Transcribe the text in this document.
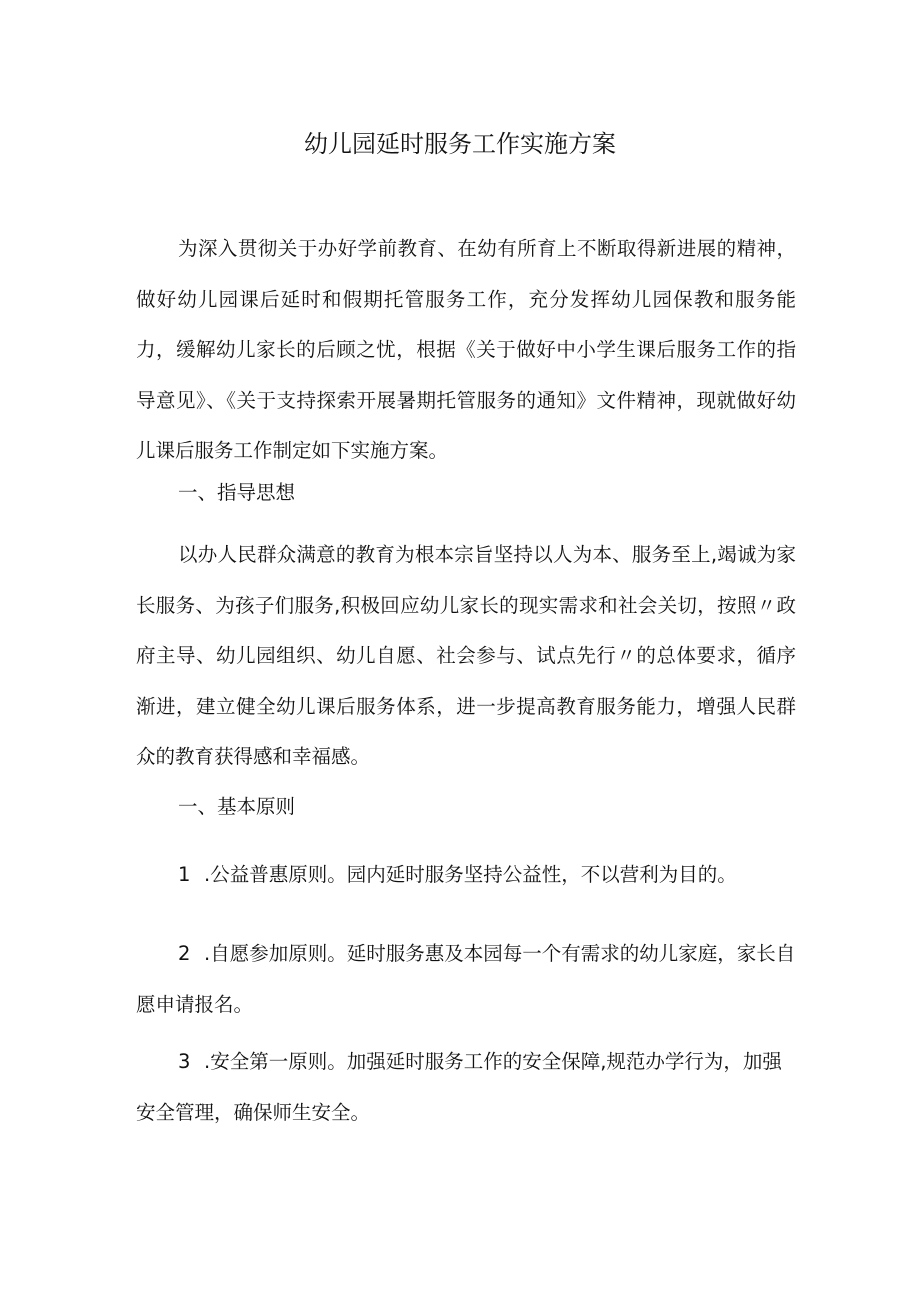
幼儿园延时服务工作实施方案

为深入贯彻关于办好学前教育、在幼有所育上不断取得新进展的精神，做好幼儿园课后延时和假期托管服务工作，充分发挥幼儿园保教和服务能力，缓解幼儿家长的后顾之忧，根据《关于做好中小学生课后服务工作的指导意见》、《关于支持探索开展暑期托管服务的通知》文件精神，现就做好幼儿课后服务工作制定如下实施方案。

一、指导思想

以办人民群众满意的教育为根本宗旨坚持以人为本、服务至上,竭诚为家长服务、为孩子们服务,积极回应幼儿家长的现实需求和社会关切，按照〃政府主导、幼儿园组织、幼儿自愿、社会参与、试点先行〃的总体要求，循序渐进，建立健全幼儿课后服务体系，进一步提高教育服务能力，增强人民群众的教育获得感和幸福感。

一、基本原则

1 .公益普惠原则。园内延时服务坚持公益性，不以营利为目的。

2 .自愿参加原则。延时服务惠及本园每一个有需求的幼儿家庭，家长自愿申请报名。

3 .安全第一原则。加强延时服务工作的安全保障,规范办学行为，加强安全管理，确保师生安全。
